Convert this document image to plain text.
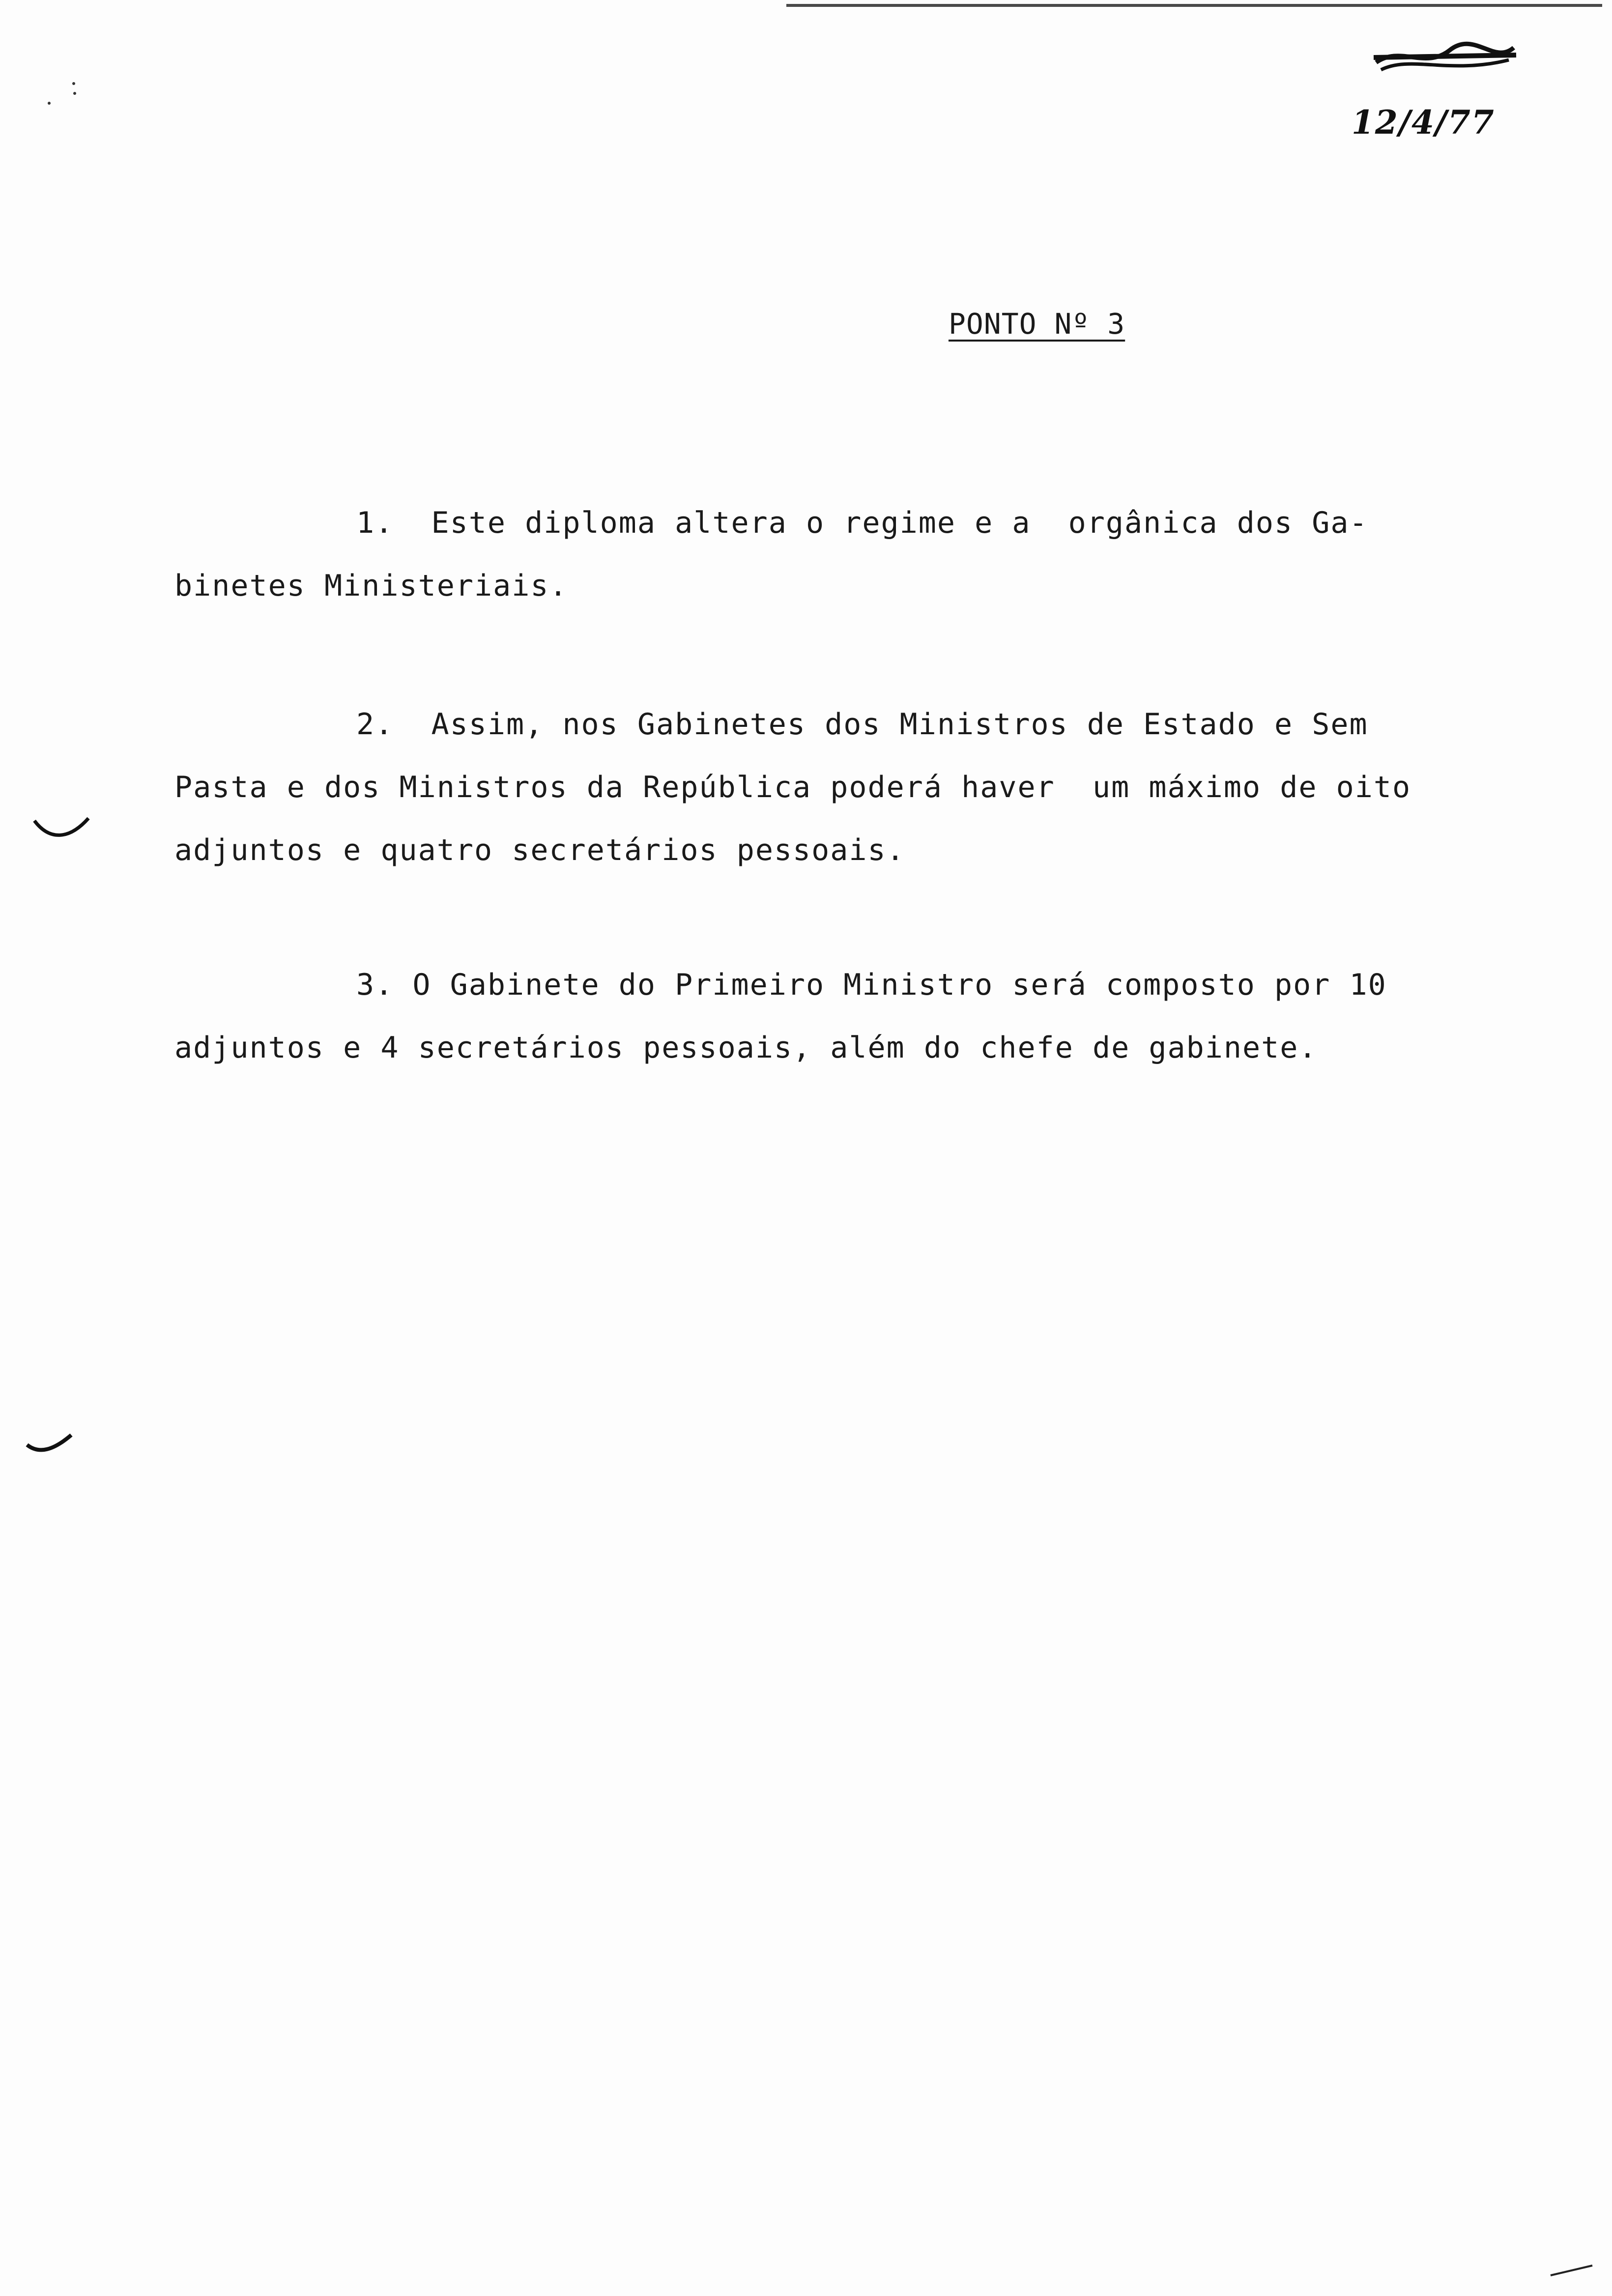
12/4/77
PONTO Nº 3
1. Este diploma altera o regime e a  orgânica dos Ga-
binetes Ministeriais.
2. Assim, nos Gabinetes dos Ministros de Estado e Sem
Pasta e dos Ministros da República poderá haver  um máximo de oito
adjuntos e quatro secretários pessoais.
3. O Gabinete do Primeiro Ministro será composto por 10
adjuntos e 4 secretários pessoais, além do chefe de gabinete.
